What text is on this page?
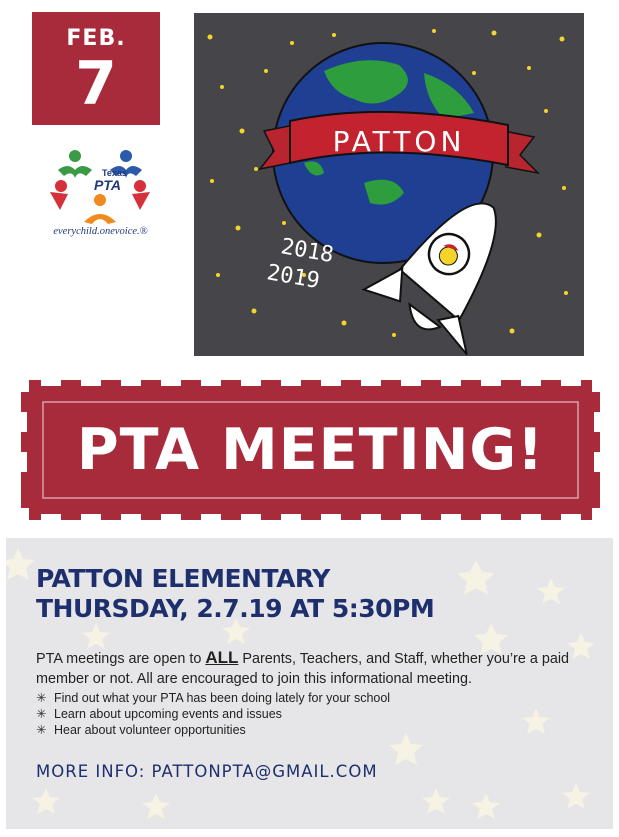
FEB.
7
Texas
PTA
everychild.onevoice.®
PATTON
2018
2019
PTA MEETING!
PATTON ELEMENTARY
THURSDAY, 2.7.19 AT 5:30PM
PTA meetings are open to ALL Parents, Teachers, and Staff, whether you’re a paid member or not. All are encouraged to join this informational meeting.
✳ Find out what your PTA has been doing lately for your school
✳ Learn about upcoming events and issues
✳ Hear about volunteer opportunities
MORE INFO: PATTONPTA@GMAIL.COM
